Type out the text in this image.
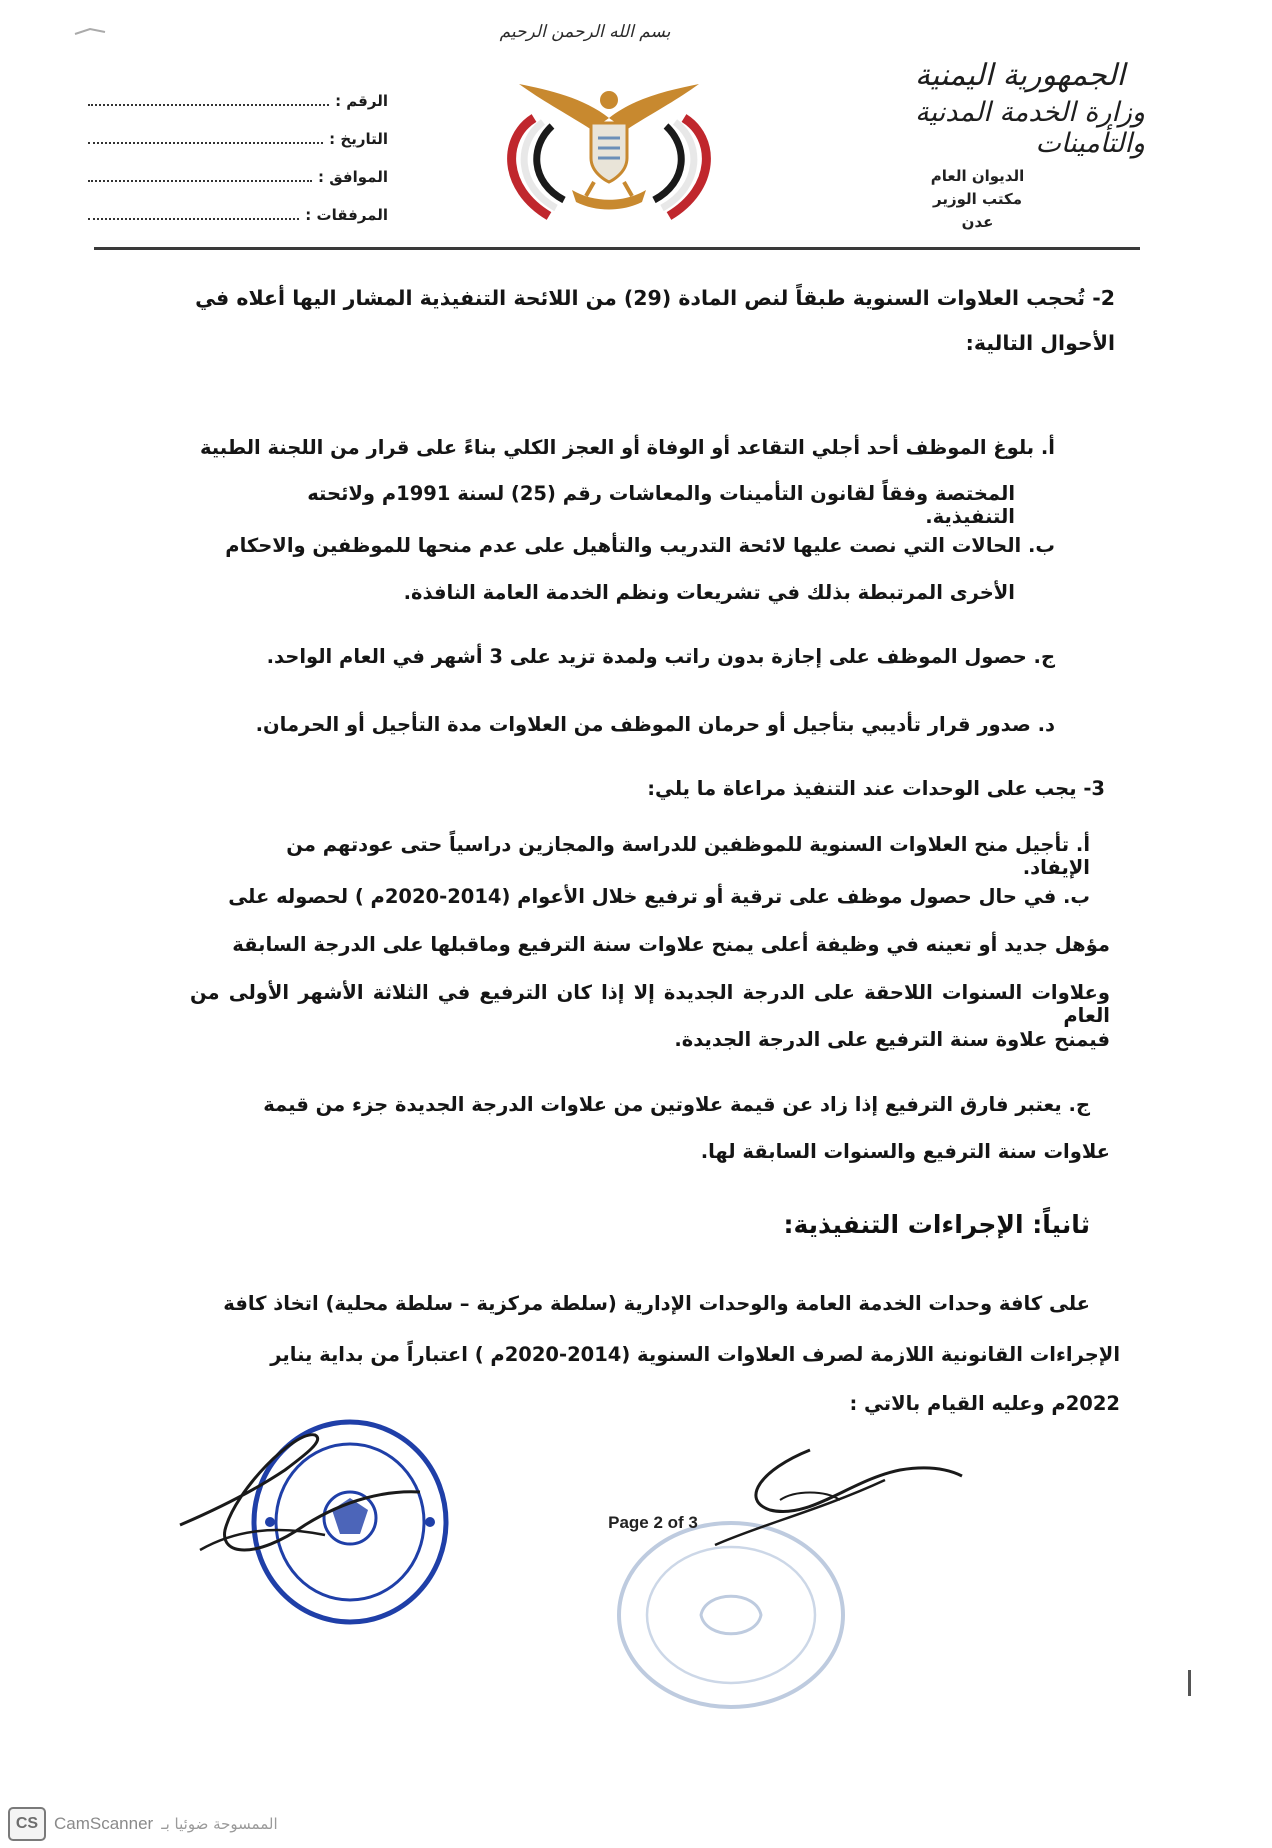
بسم الله الرحمن الرحيم
الرقم :
التاريخ :
الموافق :
المرفقات :
الجمهورية اليمنية
وزارة الخدمة المدنية والتأمينات
الديوان العام
مكتب الوزير
عدن
2- تُحجب العلاوات السنوية طبقاً لنص المادة (29) من اللائحة التنفيذية المشار اليها أعلاه في
الأحوال التالية:
أ. بلوغ الموظف أحد أجلي التقاعد أو الوفاة أو العجز الكلي بناءً على قرار من اللجنة الطبية
المختصة وفقاً لقانون التأمينات والمعاشات رقم (25) لسنة 1991م ولائحته التنفيذية.
ب. الحالات التي نصت عليها لائحة التدريب والتأهيل على عدم منحها للموظفين والاحكام
الأخرى المرتبطة بذلك في تشريعات ونظم الخدمة العامة النافذة.
ج. حصول الموظف على إجازة بدون راتب ولمدة تزيد على 3 أشهر في العام الواحد.
د. صدور قرار تأديبي بتأجيل أو حرمان الموظف من العلاوات مدة التأجيل أو الحرمان.
3- يجب على الوحدات عند التنفيذ مراعاة ما يلي:
أ. تأجيل منح العلاوات السنوية للموظفين للدراسة والمجازين دراسياً حتى عودتهم من الإيفاد.
ب. في حال حصول موظف على ترقية أو ترفيع خلال الأعوام (2014-2020م ) لحصوله على
مؤهل جديد أو تعينه في وظيفة أعلى يمنح علاوات سنة الترفيع وماقبلها على الدرجة السابقة
وعلاوات السنوات اللاحقة على الدرجة الجديدة إلا إذا كان الترفيع في الثلاثة الأشهر الأولى من العام
فيمنح علاوة سنة الترفيع على الدرجة الجديدة.
ج. يعتبر فارق الترفيع إذا زاد عن قيمة علاوتين من علاوات الدرجة الجديدة جزء من قيمة
علاوات سنة الترفيع والسنوات السابقة لها.
ثانياً: الإجراءات التنفيذية:
على كافة وحدات الخدمة العامة والوحدات الإدارية (سلطة مركزية – سلطة محلية) اتخاذ كافة
الإجراءات القانونية اللازمة لصرف العلاوات السنوية (2014-2020م ) اعتباراً من بداية يناير
2022م وعليه القيام بالاتي :
Page 2 of 3
CS CamScanner الممسوحة ضوئيا بـ
